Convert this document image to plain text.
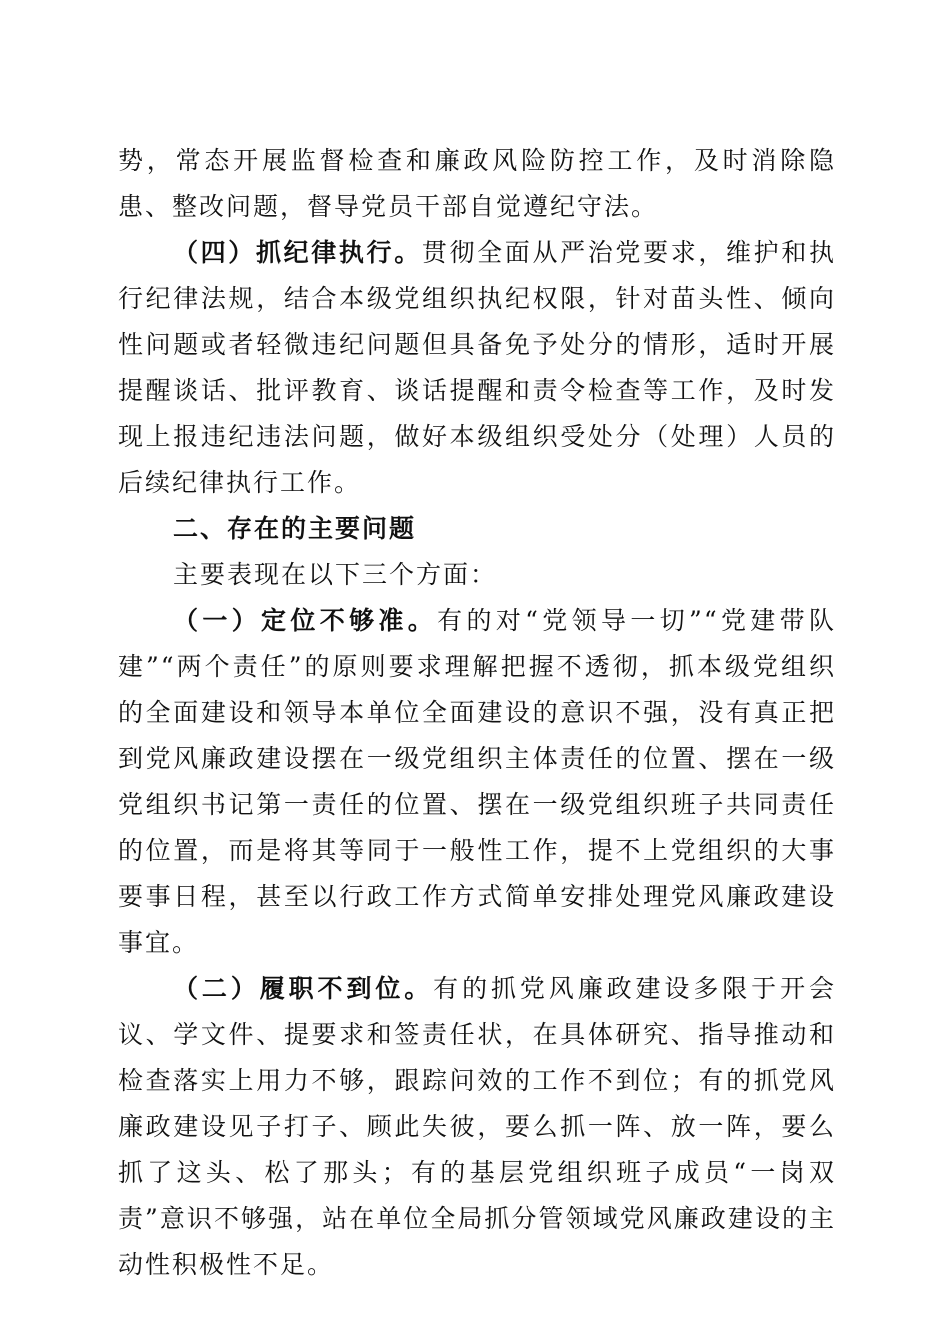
势，常态开展监督检查和廉政风险防控工作，及时消除隐患、整改问题，督导党员干部自觉遵纪守法。

（四）抓纪律执行。贯彻全面从严治党要求，维护和执行纪律法规，结合本级党组织执纪权限，针对苗头性、倾向性问题或者轻微违纪问题但具备免予处分的情形，适时开展提醒谈话、批评教育、谈话提醒和责令检查等工作，及时发现上报违纪违法问题，做好本级组织受处分（处理）人员的后续纪律执行工作。

二、存在的主要问题

主要表现在以下三个方面：

（一）定位不够准。有的对“党领导一切”“党建带队建”“两个责任”的原则要求理解把握不透彻，抓本级党组织的全面建设和领导本单位全面建设的意识不强，没有真正把到党风廉政建设摆在一级党组织主体责任的位置、摆在一级党组织书记第一责任的位置、摆在一级党组织班子共同责任的位置，而是将其等同于一般性工作，提不上党组织的大事要事日程，甚至以行政工作方式简单安排处理党风廉政建设事宜。

（二）履职不到位。有的抓党风廉政建设多限于开会议、学文件、提要求和签责任状，在具体研究、指导推动和检查落实上用力不够，跟踪问效的工作不到位；有的抓党风廉政建设见子打子、顾此失彼，要么抓一阵、放一阵，要么抓了这头、松了那头；有的基层党组织班子成员“一岗双责”意识不够强，站在单位全局抓分管领域党风廉政建设的主动性积极性不足。
